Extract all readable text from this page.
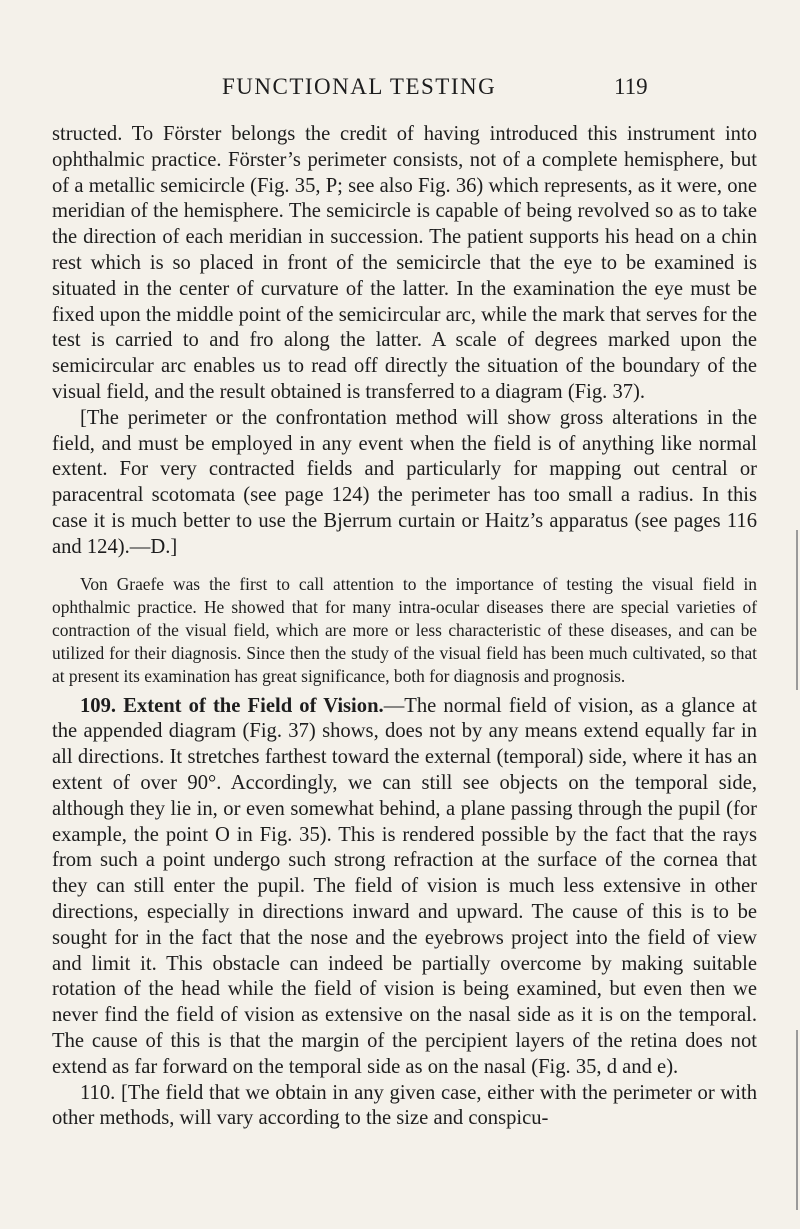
FUNCTIONAL TESTING	119

structed. To Förster belongs the credit of having introduced this instrument into ophthalmic practice. Förster’s perimeter consists, not of a complete hemisphere, but of a metallic semicircle (Fig. 35, P; see also Fig. 36) which represents, as it were, one meridian of the hemisphere. The semicircle is capable of being revolved so as to take the direction of each meridian in succession. The patient supports his head on a chin rest which is so placed in front of the semicircle that the eye to be examined is situated in the center of curvature of the latter. In the examination the eye must be fixed upon the middle point of the semicircular arc, while the mark that serves for the test is carried to and fro along the latter. A scale of degrees marked upon the semicircular arc enables us to read off directly the situation of the boundary of the visual field, and the result obtained is transferred to a diagram (Fig. 37).

[The perimeter or the confrontation method will show gross alterations in the field, and must be employed in any event when the field is of anything like normal extent. For very contracted fields and particularly for mapping out central or paracentral scotomata (see page 124) the perimeter has too small a radius. In this case it is much better to use the Bjerrum curtain or Haitz’s apparatus (see pages 116 and 124).—D.]

Von Graefe was the first to call attention to the importance of testing the visual field in ophthalmic practice. He showed that for many intra-ocular diseases there are special varieties of contraction of the visual field, which are more or less characteristic of these diseases, and can be utilized for their diagnosis. Since then the study of the visual field has been much cultivated, so that at present its examination has great significance, both for diagnosis and prognosis.

109. Extent of the Field of Vision.—The normal field of vision, as a glance at the appended diagram (Fig. 37) shows, does not by any means extend equally far in all directions. It stretches farthest toward the external (temporal) side, where it has an extent of over 90°. Accordingly, we can still see objects on the temporal side, although they lie in, or even somewhat behind, a plane passing through the pupil (for example, the point O in Fig. 35). This is rendered possible by the fact that the rays from such a point undergo such strong refraction at the surface of the cornea that they can still enter the pupil. The field of vision is much less extensive in other directions, especially in directions inward and upward. The cause of this is to be sought for in the fact that the nose and the eyebrows project into the field of view and limit it. This obstacle can indeed be partially overcome by making suitable rotation of the head while the field of vision is being examined, but even then we never find the field of vision as extensive on the nasal side as it is on the temporal. The cause of this is that the margin of the percipient layers of the retina does not extend as far forward on the temporal side as on the nasal (Fig. 35, d and e).

110. [The field that we obtain in any given case, either with the perimeter or with other methods, will vary according to the size and conspicu-
